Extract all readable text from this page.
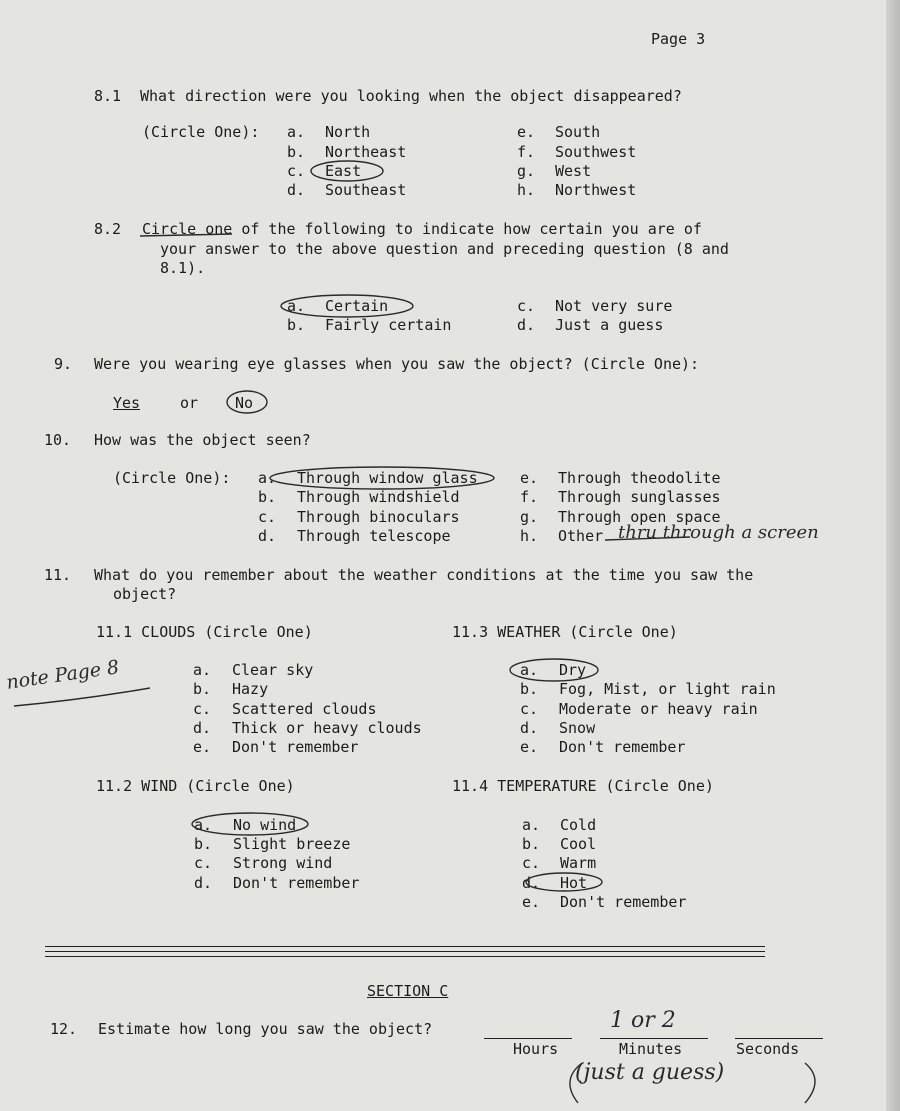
Page 3
8.1 What direction were you looking when the object disappeared?
(Circle One): a. North
b. Northeast
c. East
d. Southeast
e. South
f. Southwest
g. West
h. Northwest
8.2 Circle one of the following to indicate how certain you are of
your answer to the above question and preceding question (8 and
8.1).
a. Certain
b. Fairly certain
c. Not very sure
d. Just a guess
9. Were you wearing eye glasses when you saw the object? (Circle One):
Yes	or No
10. How was the object seen?
(Circle One): a. Through window glass
b. Through windshield
c. Through binoculars
d. Through telescope
e. Through theodolite
f. Through sunglasses
g. Through open space
h. Other thru through a screen
11. What do you remember about the weather conditions at the time you saw the
object?
note Page 8
11.1 CLOUDS (Circle One)
a. Clear sky
b. Hazy
c. Scattered clouds
d. Thick or heavy clouds
e. Don't remember
11.3 WEATHER (Circle One)
a. Dry
b. Fog, Mist, or light rain
c. Moderate or heavy rain
d. Snow
e. Don't remember
11.2 WIND (Circle One)
a. No wind
b. Slight breeze
c. Strong wind
d. Don't remember
11.4 TEMPERATURE (Circle One)
a. Cold
b. Cool
c. Warm
d. Hot
e. Don't remember
SECTION C
12. Estimate how long you saw the object?
Hours	Minutes	Seconds
1 or 2
(just a guess)
